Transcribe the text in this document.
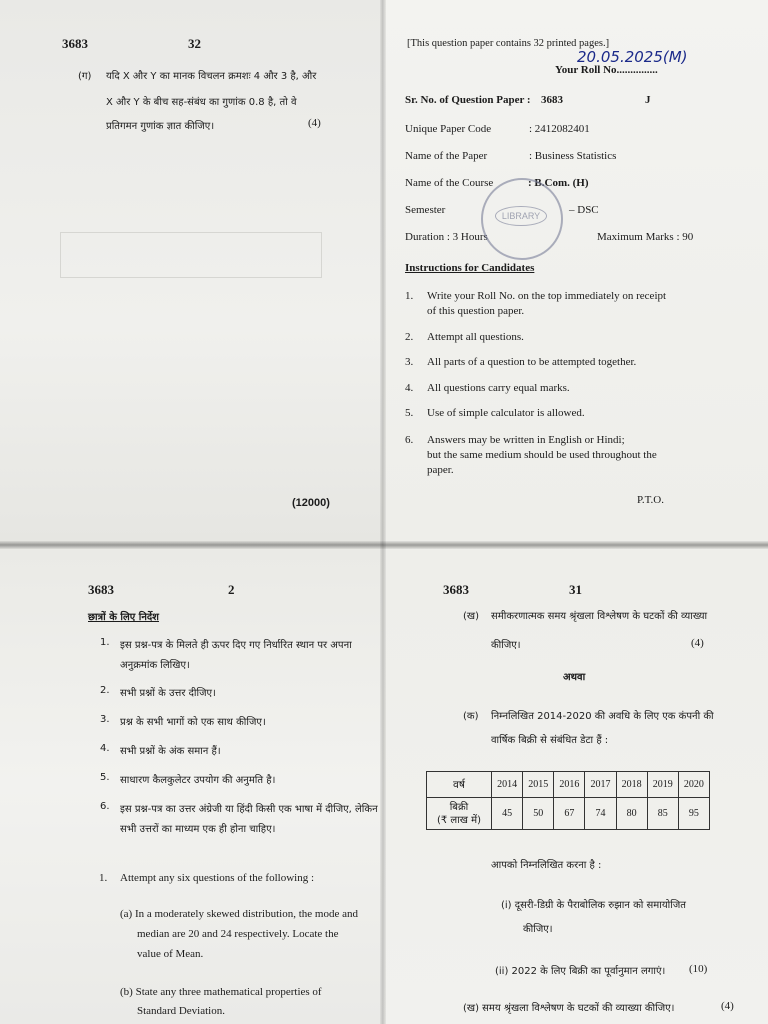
3683	32
(ग) यदि X और Y का मानक विचलन क्रमशः 4 और 3 है, और
X और Y के बीच सह-संबंध का गुणांक 0.8 है, तो वे
प्रतिगमन गुणांक ज्ञात कीजिए।	(4)
(12000)
[This question paper contains 32 printed pages.]
20.05.2025(M)
Your Roll No...............
Sr. No. of Question Paper : 3683	J
Unique Paper Code	: 2412082401
Name of the Paper	: Business Statistics
Name of the Course	: B.Com. (H)
Semester	– DSC
Duration : 3 Hours	Maximum Marks : 90
LIBRARY
Instructions for Candidates
1. Write your Roll No. on the top immediately on receipt
of this question paper.
2. Attempt all questions.
3. All parts of a question to be attempted together.
4. All questions carry equal marks.
5. Use of simple calculator is allowed.
6. Answers may be written in English or Hindi;
but the same medium should be used throughout the
paper.
P.T.O.
3683	2
छात्रों के लिए निर्देश
1. इस प्रश्न-पत्र के मिलते ही ऊपर दिए गए निर्धारित स्थान पर अपना
अनुक्रमांक लिखिए।
2. सभी प्रश्नों के उत्तर दीजिए।
3. प्रश्न के सभी भागों को एक साथ कीजिए।
4. सभी प्रश्नों के अंक समान हैं।
5. साधारण कैलकुलेटर उपयोग की अनुमति है।
6. इस प्रश्न-पत्र का उत्तर अंग्रेजी या हिंदी किसी एक भाषा में दीजिए, लेकिन
सभी उत्तरों का माध्यम एक ही होना चाहिए।
1. Attempt any six questions of the following :
(a) In a moderately skewed distribution, the mode and
median are 20 and 24 respectively. Locate the
value of Mean.
(b) State any three mathematical properties of
Standard Deviation.
3683	31
(ख) समीकरणात्मक समय श्रृंखला विश्लेषण के घटकों की व्याख्या
कीजिए।	(4)
अथवा
(क) निम्नलिखित 2014-2020 की अवधि के लिए एक कंपनी की
वार्षिक बिक्री से संबंधित डेटा हैं :
वर्ष	2014	2015	2016	2017	2018	2019	2020

बिक्री
(₹ लाख में)	45	50	67	74	80	85	95
आपको निम्नलिखित करना है :
(i) दूसरी-डिग्री के पैराबोलिक रुझान को समायोजित
कीजिए।
(ii) 2022 के लिए बिक्री का पूर्वानुमान लगाएं। (10)
(ख) समय श्रृंखला विश्लेषण के घटकों की व्याख्या कीजिए।	(4)
